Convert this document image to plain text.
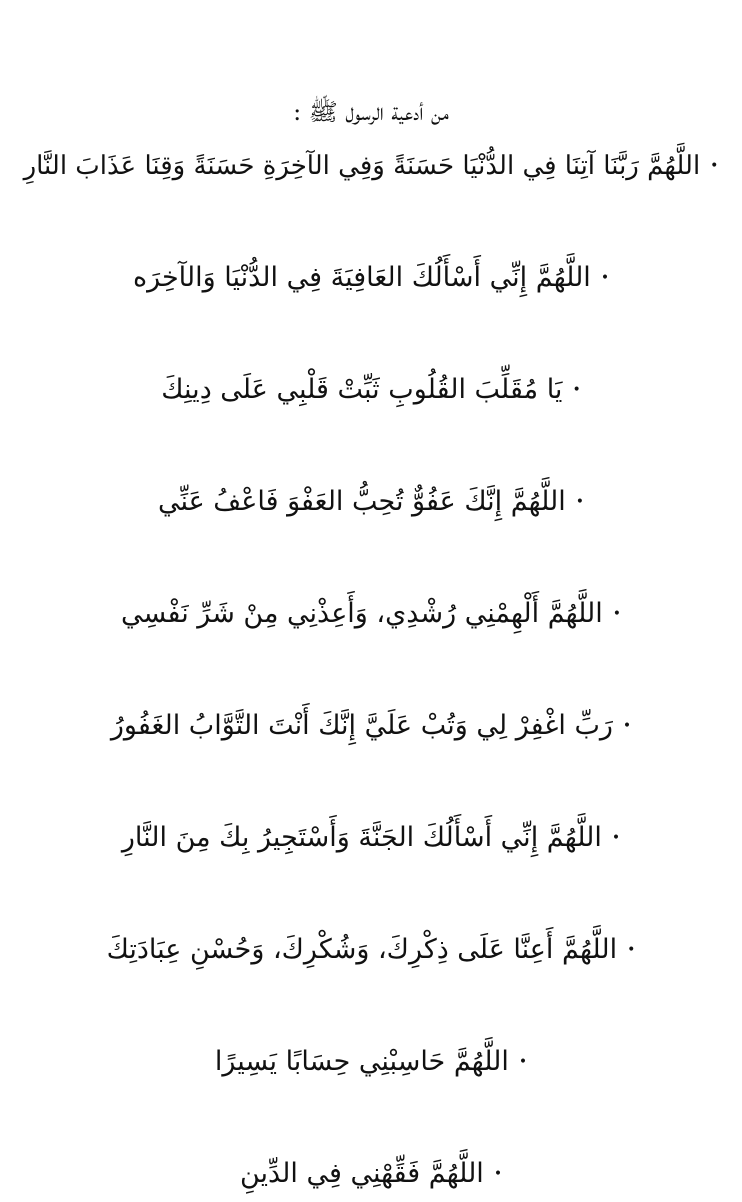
من أدعية الرسول ﷺ :
•
اللَّهُمَّ رَبَّنَا آتِنَا فِي الدُّنْيَا حَسَنَةً وَفِي الآخِرَةِ حَسَنَةً وَقِنَا عَذَابَ النَّارِ
•
اللَّهُمَّ إِنِّي أَسْأَلُكَ العَافِيَةَ فِي الدُّنْيَا وَالآخِرَه
•
يَا مُقَلِّبَ القُلُوبِ ثَبِّتْ قَلْبِي عَلَى دِينِكَ
•
اللَّهُمَّ إِنَّكَ عَفُوٌّ تُحِبُّ العَفْوَ فَاعْفُ عَنِّي
•
اللَّهُمَّ أَلْهِمْنِي رُشْدِي، وَأَعِذْنِي مِنْ شَرِّ نَفْسِي
•
رَبِّ اغْفِرْ لِي وَتُبْ عَلَيَّ إِنَّكَ أَنْتَ التَّوَّابُ الغَفُورُ
•
اللَّهُمَّ إِنِّي أَسْأَلُكَ الجَنَّةَ وَأَسْتَجِيرُ بِكَ مِنَ النَّارِ
•
اللَّهُمَّ أَعِنَّا عَلَى ذِكْرِكَ، وَشُكْرِكَ، وَحُسْنِ عِبَادَتِكَ
•
اللَّهُمَّ حَاسِبْنِي حِسَابًا يَسِيرًا
•
اللَّهُمَّ فَقِّهْنِي فِي الدِّينِ
